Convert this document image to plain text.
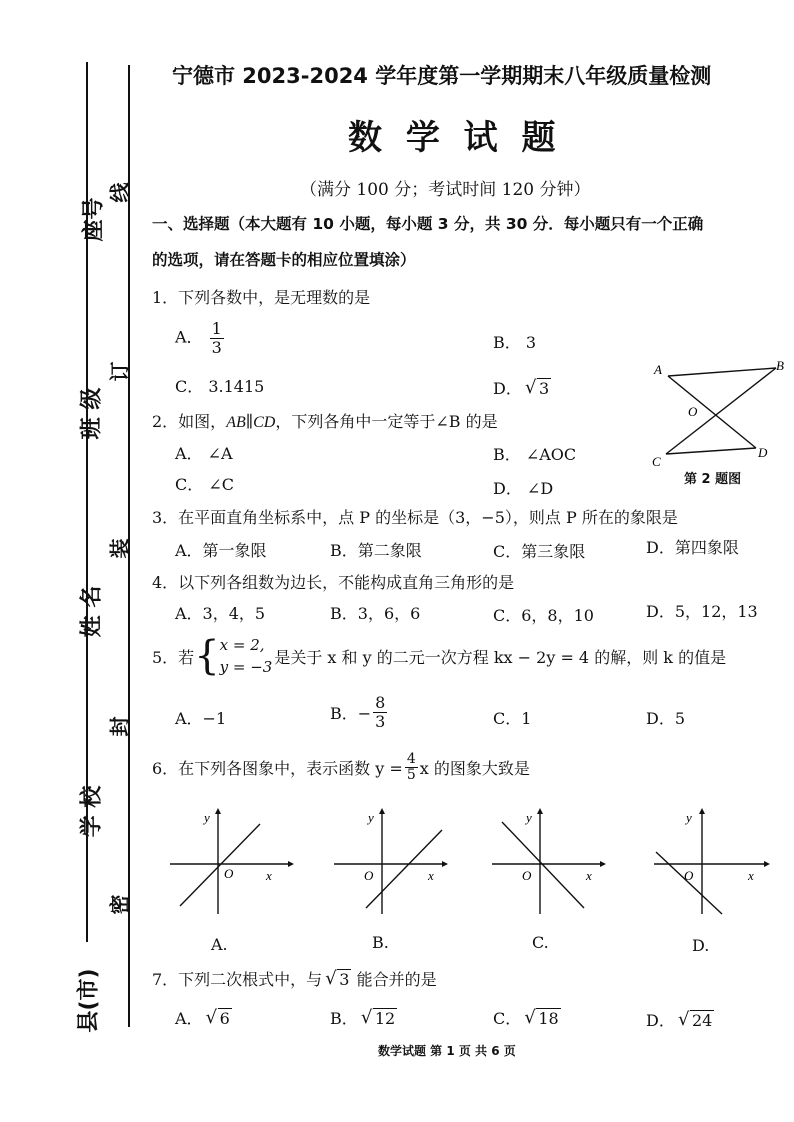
座号
班 级
姓 名
学 校
县(市)
线
订
装
封
密
宁德市 2023-2024 学年度第一学期期末八年级质量检测
数 学 试 题
（满分 100 分；考试时间 120 分钟）
一、选择题（本大题有 10 小题，每小题 3 分，共 30 分．每小题只有一个正确
的选项，请在答题卡的相应位置填涂）
1．下列各数中，是无理数的是
A． $\frac{1}{3}$	B． 3
C． 3.1415	D． √ 3
2．如图，AB∥CD，下列各角中一定等于∠B 的是
A． ∠A	B． ∠AOC
C． ∠C	D． ∠D
A	B
O
C
D
第 2 题图
3．在平面直角坐标系中，点 P 的坐标是（3，−5），则点 P 所在的象限是
A．第一象限	B．第二象限	C．第三象限	D．第四象限
4．以下列各组数为边长，不能构成直角三角形的是
A．3，4，5	B．3，6，6	C．6，8，10	D．5，12，13
5．若 { x = 2,
y = −3
是关于 x 和 y 的二元一次方程 kx − 2y = 4 的解，则 k 的值是
A．−1	B．− $\frac{8}{3}$	C．1	D．5
6．在下列各图象中，表示函数 $y = \frac{4}{5}$ x 的图象大致是
y
x
O
y
x
O
y
x
O
y
x
O
A.	B.	C.	D.
7．下列二次根式中，与 √ 3 能合并的是
A． √ 6	B． √ 12	C． √ 18	D． √ 24
数学试题 第 1 页 共 6 页
